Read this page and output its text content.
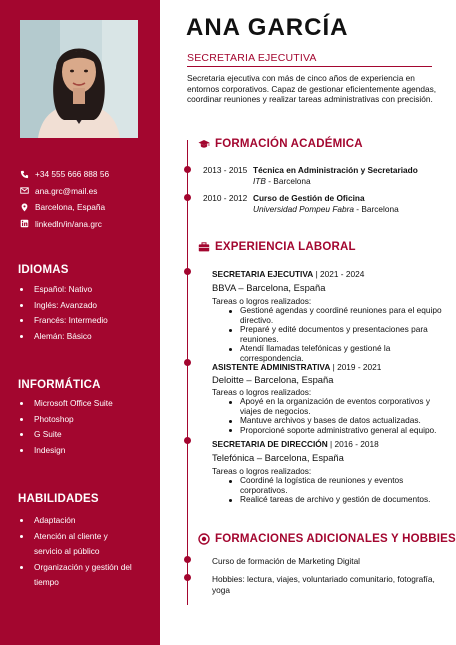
+34 555 666 888 56
ana.grc@mail.es
Barcelona, España
linkedln/in/ana.grc
IDIOMAS
Español: Nativo
Inglés: Avanzado
Francés: Intermedio
Alemán: Básico
INFORMÁTICA
Microsoft Office Suite
Photoshop
G Suite
Indesign
HABILIDADES
Adaptación
Atención al cliente y servicio al público
Organización y gestión del tiempo
ANA GARCÍA
SECRETARIA EJECUTIVA
Secretaria ejecutiva con más de cinco años de experiencia en entornos corporativos. Capaz de gestionar eficientemente agendas, coordinar reuniones y realizar tareas administrativas con precisión.
FORMACIÓN ACADÉMICA
2013 - 2015 Técnica en Administración y Secretariado
ITB - Barcelona
2010 - 2012 Curso de Gestión de Oficina
Universidad Pompeu Fabra - Barcelona
EXPERIENCIA LABORAL
SECRETARIA EJECUTIVA | 2021 - 2024
BBVA – Barcelona, España
Tareas o logros realizados:
Gestioné agendas y coordiné reuniones para el equipo directivo.
Preparé y edité documentos y presentaciones para reuniones.
Atendí llamadas telefónicas y gestioné la correspondencia.
ASISTENTE ADMINISTRATIVA | 2019 - 2021
Deloitte – Barcelona, España
Tareas o logros realizados:
Apoyé en la organización de eventos corporativos y viajes de negocios.
Mantuve archivos y bases de datos actualizadas.
Proporcioné soporte administrativo general al equipo.
SECRETARIA DE DIRECCIÓN | 2016 - 2018
Telefónica – Barcelona, España
Tareas o logros realizados:
Coordiné la logística de reuniones y eventos corporativos.
Realicé tareas de archivo y gestión de documentos.
FORMACIONES ADICIONALES Y HOBBIES
Curso de formación de Marketing Digital
Hobbies: lectura, viajes, voluntariado comunitario, fotografía, yoga
